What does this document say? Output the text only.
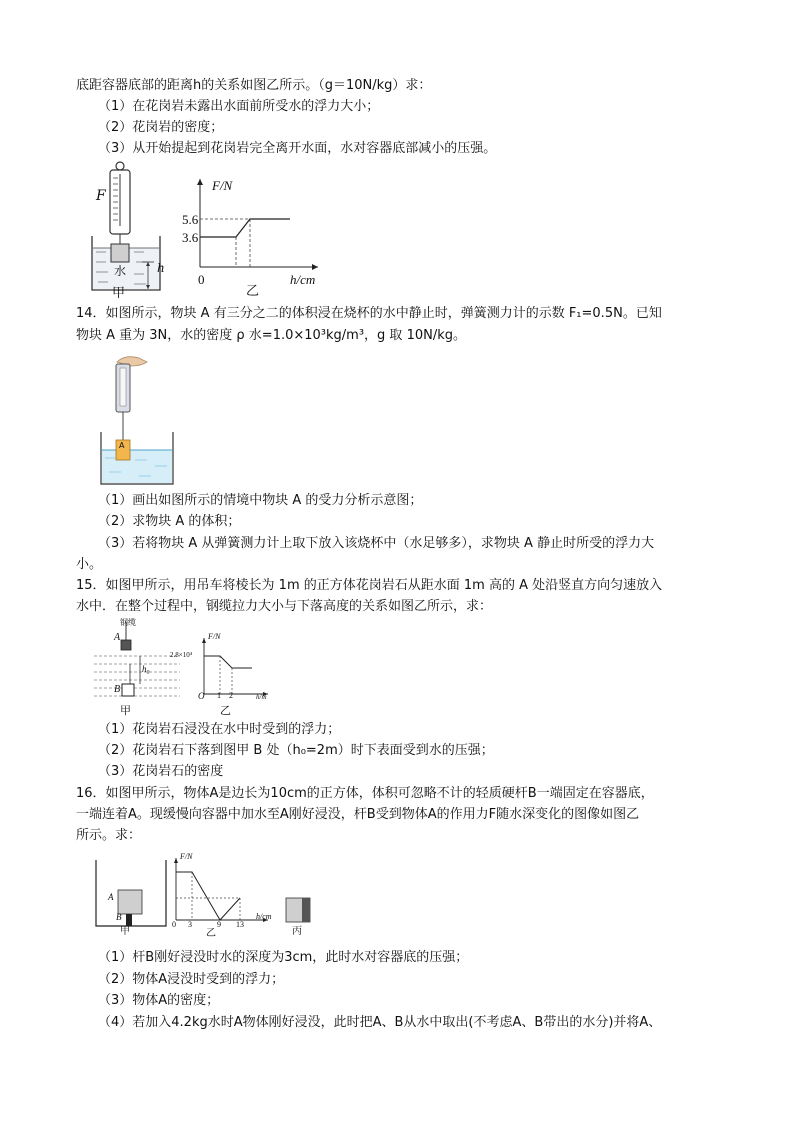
底距容器底部的距离h的关系如图乙所示。（g＝10N/kg）求：
（1）在花岗岩未露出水面前所受水的浮力大小；
（2）花岗岩的密度；
（3）从开始提起到花岗岩完全离开水面，水对容器底部减小的压强。
F
水	h
甲
F/N
5.6
3.6
0	h/cm
乙
14．如图所示，物块 A 有三分之二的体积浸在烧杯的水中静止时，弹簧测力计的示数 F₁=0.5N。已知
物块 A 重为 3N，水的密度 ρ 水=1.0×10³kg/m³，g 取 10N/kg。
A
（1）画出如图所示的情境中物块 A 的受力分析示意图；
（2）求物块 A 的体积；
（3）若将物块 A 从弹簧测力计上取下放入该烧杯中（水足够多），求物块 A 静止时所受的浮力大
小。
15．如图甲所示，用吊车将棱长为 1m 的正方体花岗岩石从距水面 1m 高的 A 处沿竖直方向匀速放入
水中．在整个过程中，钢缆拉力大小与下落高度的关系如图乙所示，求：
钢缆
A
h₀
B
甲
F/N
2.8×10⁴
O 1 2	h/m
乙
（1）花岗岩石浸没在水中时受到的浮力；
（2）花岗岩石下落到图甲 B 处（h₀=2m）时下表面受到水的压强；
（3）花岗岩石的密度
16．如图甲所示，物体A是边长为10cm的正方体，体积可忽略不计的轻质硬杆B一端固定在容器底，
一端连着A。现缓慢向容器中加水至A刚好浸没，杆B受到物体A的作用力F随水深变化的图像如图乙
所示。求：
A
B
甲
F/N
0 3	9 13
h/cm
乙	丙
（1）杆B刚好浸没时水的深度为3cm，此时水对容器底的压强；
（2）物体A浸没时受到的浮力；
（3）物体A的密度；
（4）若加入4.2kg水时A物体刚好浸没，此时把A、B从水中取出(不考虑A、B带出的水分)并将A、
